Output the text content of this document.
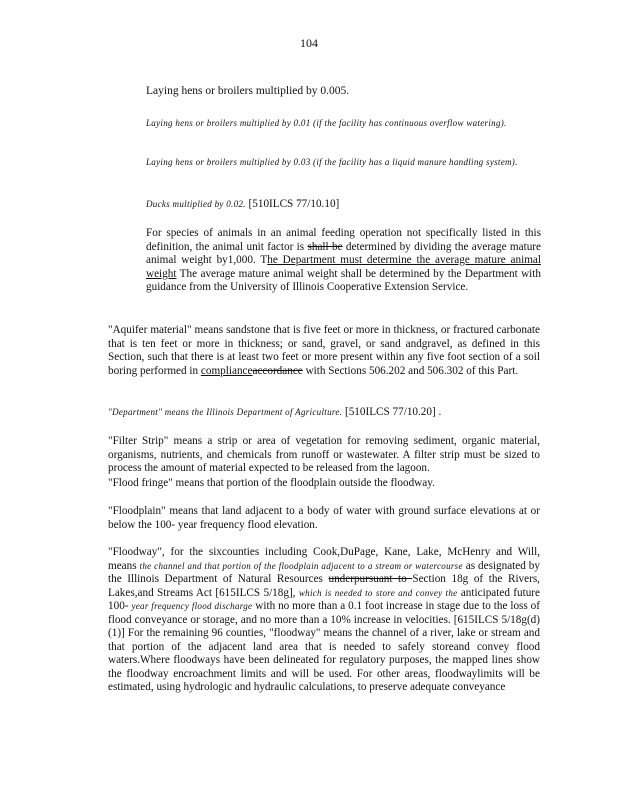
104

Laying hens or broilers multiplied by 0.005.

Laying hens or broilers multiplied by 0.01 (if the facility has continuous overflow watering).

Laying hens or broilers multiplied by 0.03 (if the facility has a liquid manure handling system).

Ducks multiplied by 0.02. [510ILCS 77/10.10]

For species of animals in an animal feeding operation not specifically listed in this definition, the animal unit factor is shall be determined by dividing the average mature animal weight by1,000. The Department must determine the average mature animal weight The average mature animal weight shall be determined by the Department with guidance from the University of Illinois Cooperative Extension Service.

"Aquifer material" means sandstone that is five feet or more in thickness, or fractured carbonate that is ten feet or more in thickness; or sand, gravel, or sand andgravel, as defined in this Section, such that there is at least two feet or more present within any five foot section of a soil boring performed in complianceaccordance with Sections 506.202 and 506.302 of this Part.

"Department" means the Illinois Department of Agriculture. [510ILCS 77/10.20] .

"Filter Strip" means a strip or area of vegetation for removing sediment, organic material, organisms, nutrients, and chemicals from runoff or wastewater. A filter strip must be sized to process the amount of material expected to be released from the lagoon.

"Flood fringe" means that portion of the floodplain outside the floodway.

"Floodplain" means that land adjacent to a body of water with ground surface elevations at or below the 100- year frequency flood elevation.

"Floodway", for the sixcounties including Cook,DuPage, Kane, Lake, McHenry and Will, means the channel and that portion of the floodplain adjacent to a stream or watercourse as designated by the Illinois Department of Natural Resources underpursuant to Section 18g of the Rivers, Lakes,and Streams Act [615ILCS 5/18g], which is needed to store and convey the anticipated future 100- year frequency flood discharge with no more than a 0.1 foot increase in stage due to the loss of flood conveyance or storage, and no more than a 10% increase in velocities. [615ILCS 5/18g(d)(1)] For the remaining 96 counties, "floodway" means the channel of a river, lake or stream and that portion of the adjacent land area that is needed to safely storeand convey flood waters.Where floodways have been delineated for regulatory purposes, the mapped lines show the floodway encroachment limits and will be used. For other areas, floodwaylimits will be estimated, using hydrologic and hydraulic calculations, to preserve adequate conveyance
